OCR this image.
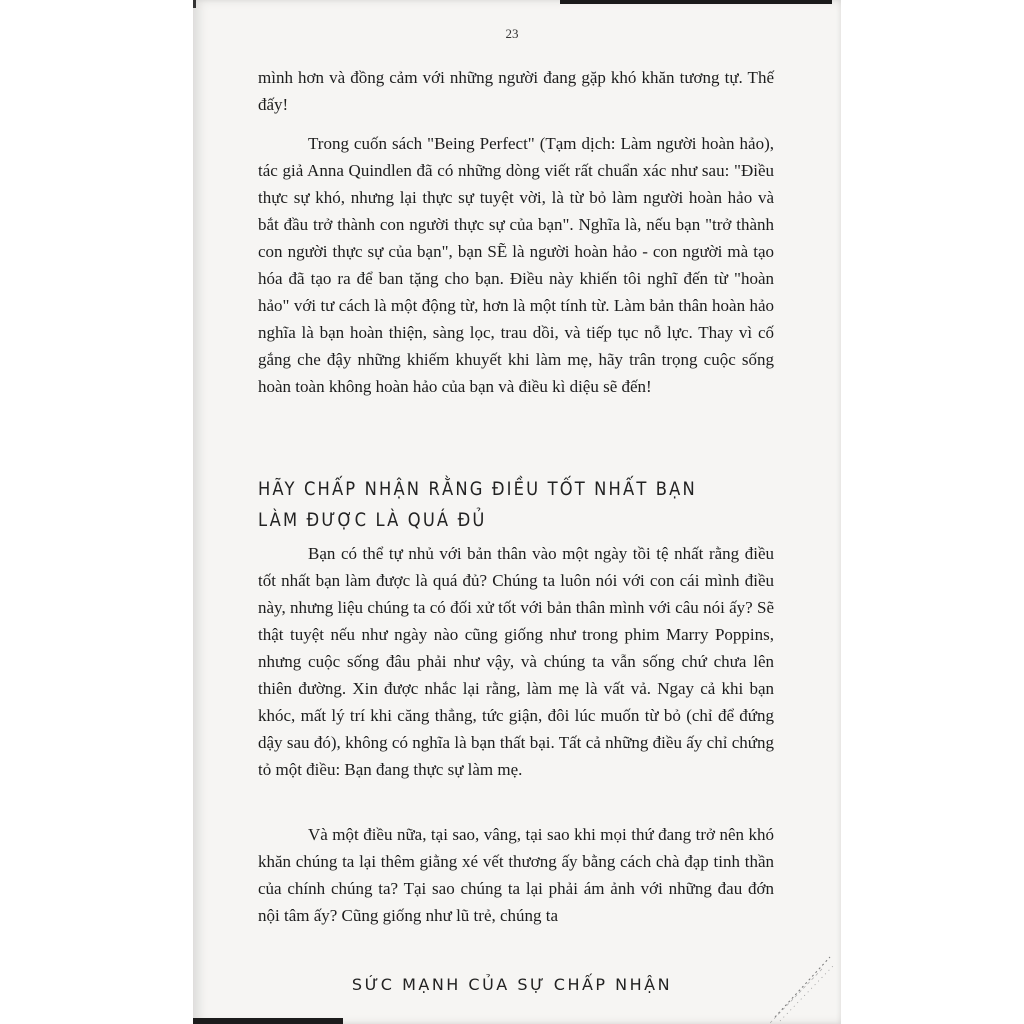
23

mình hơn và đồng cảm với những người đang gặp khó khăn tương tự. Thế đấy!

Trong cuốn sách "Being Perfect" (Tạm dịch: Làm người hoàn hảo), tác giả Anna Quindlen đã có những dòng viết rất chuẩn xác như sau: "Điều thực sự khó, nhưng lại thực sự tuyệt vời, là từ bỏ làm người hoàn hảo và bắt đầu trở thành con người thực sự của bạn". Nghĩa là, nếu bạn "trở thành con người thực sự của bạn", bạn SẼ là người hoàn hảo - con người mà tạo hóa đã tạo ra để ban tặng cho bạn. Điều này khiến tôi nghĩ đến từ "hoàn hảo" với tư cách là một động từ, hơn là một tính từ. Làm bản thân hoàn hảo nghĩa là bạn hoàn thiện, sàng lọc, trau dồi, và tiếp tục nỗ lực. Thay vì cố gắng che đậy những khiếm khuyết khi làm mẹ, hãy trân trọng cuộc sống hoàn toàn không hoàn hảo của bạn và điều kì diệu sẽ đến!

HÃY CHẤP NHẬN RẰNG ĐIỀU TỐT NHẤT BẠN LÀM ĐƯỢC LÀ QUÁ ĐỦ

Bạn có thể tự nhủ với bản thân vào một ngày tồi tệ nhất rằng điều tốt nhất bạn làm được là quá đủ? Chúng ta luôn nói với con cái mình điều này, nhưng liệu chúng ta có đối xử tốt với bản thân mình với câu nói ấy? Sẽ thật tuyệt nếu như ngày nào cũng giống như trong phim Marry Poppins, nhưng cuộc sống đâu phải như vậy, và chúng ta vẫn sống chứ chưa lên thiên đường. Xin được nhắc lại rằng, làm mẹ là vất vả. Ngay cả khi bạn khóc, mất lý trí khi căng thẳng, tức giận, đôi lúc muốn từ bỏ (chỉ để đứng dậy sau đó), không có nghĩa là bạn thất bại. Tất cả những điều ấy chỉ chứng tỏ một điều: Bạn đang thực sự làm mẹ.

Và một điều nữa, tại sao, vâng, tại sao khi mọi thứ đang trở nên khó khăn chúng ta lại thêm giằng xé vết thương ấy bằng cách chà đạp tinh thần của chính chúng ta? Tại sao chúng ta lại phải ám ảnh với những đau đớn nội tâm ấy? Cũng giống như lũ trẻ, chúng ta

SỨC MẠNH CỦA SỰ CHẤP NHẬN
